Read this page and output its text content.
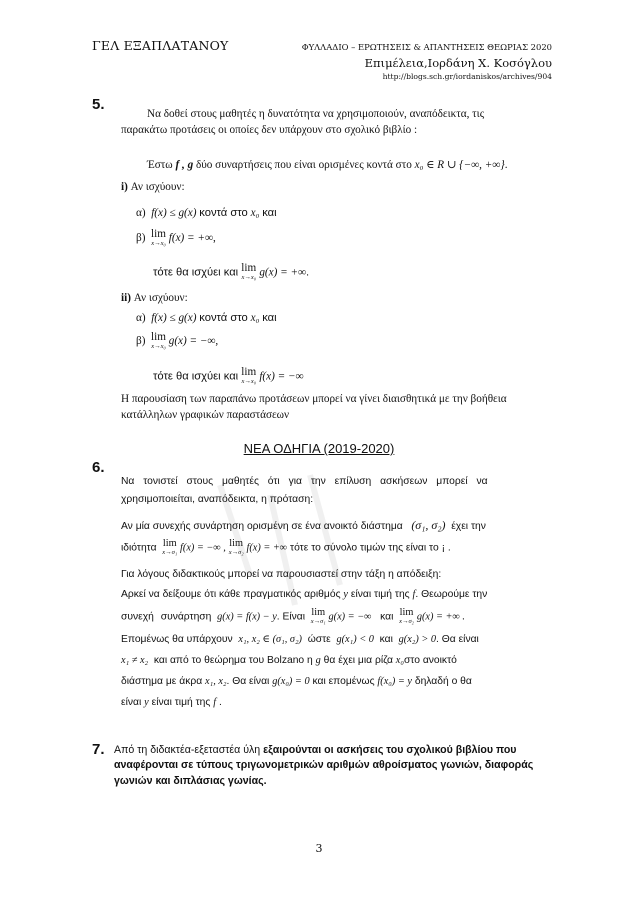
ΓΕΛ ΕΞΑΠΛΑΤΑΝΟΥ	ΦΥΛΛΑΔΙΟ – ΕΡΩΤΗΣΕΙΣ & ΑΠΑΝΤΗΣΕΙΣ ΘΕΩΡΙΑΣ 2020
Επιμέλεια,Ιορδάνη Χ. Κοσόγλου
http://blogs.sch.gr/iordaniskos/archives/904
5.
Να δοθεί στους μαθητές η δυνατότητα να χρησιμοποιούν, αναπόδεικτα, τις
παρακάτω προτάσεις οι οποίες δεν υπάρχουν στο σχολικό βιβλίο :
Έστω f , g δύο συναρτήσεις που είναι ορισμένες κοντά στο x₀ ∈ R ∪ {−∞, +∞}.
i) Αν ισχύουν:
α) f(x) ≤ g(x) κοντά στο x₀ και
β) lim
x→x₀ f(x) = +∞,
τότε θα ισχύει και lim
x→x₀ g(x) = +∞.
ii) Αν ισχύουν:
α) f(x) ≤ g(x) κοντά στο x₀ και
β) lim
x→x₀ g(x) = −∞,
τότε θα ισχύει και lim
x→x₀ f(x) = −∞
Η παρουσίαση των παραπάνω προτάσεων μπορεί να γίνει διαισθητικά με την βοήθεια
κατάλληλων γραφικών παραστάσεων
ΝΕΑ ΟΔΗΓΙΑ (2019-2020)
6.
Να τονιστεί στους μαθητές ότι για την επίλυση ασκήσεων μπορεί να
χρησιμοποιείται, αναπόδεικτα, η πρόταση:
Αν μία συνεχής συνάρτηση ορισμένη σε ένα ανοικτό διάστημα (σ₁, σ₂) έχει την
ιδιότητα lim
x→σ₁ f(x) = −∞ , lim
x→σ₂ f(x) = +∞ τότε το σύνολο τιμών της είναι το ¡ .
Για λόγους διδακτικούς μπορεί να παρουσιαστεί στην τάξη η απόδειξη:
Αρκεί να δείξουμε ότι κάθε πραγματικός αριθμός y είναι τιμή της f. Θεωρούμε την
συνεχή συνάρτηση g(x) = f(x) − y. Είναι lim
x→σ₁ g(x) = −∞ και lim
x→σ₂ g(x) = +∞ .
Επομένως θα υπάρχουν x₁, x₂ ∈ (σ₁, σ₂) ώστε g(x₁) < 0 και g(x₂) > 0. Θα είναι
x₁ ≠ x₂ και από το θεώρημα του Bolzano η g θα έχει μια ρίζα x₀στο ανοικτό
διάστημα με άκρα x₁, x₂. Θα είναι g(x₀) = 0 και επομένως f(x₀) = y δηλαδή ο θα
είναι y είναι τιμή της f .
7. Από τη διδακτέα-εξεταστέα ύλη εξαιρούνται οι ασκήσεις του σχολικού βιβλίου που
αναφέρονται σε τύπους τριγωνομετρικών αριθμών αθροίσματος γωνιών, διαφοράς
γωνιών και διπλάσιας γωνίας.
3
